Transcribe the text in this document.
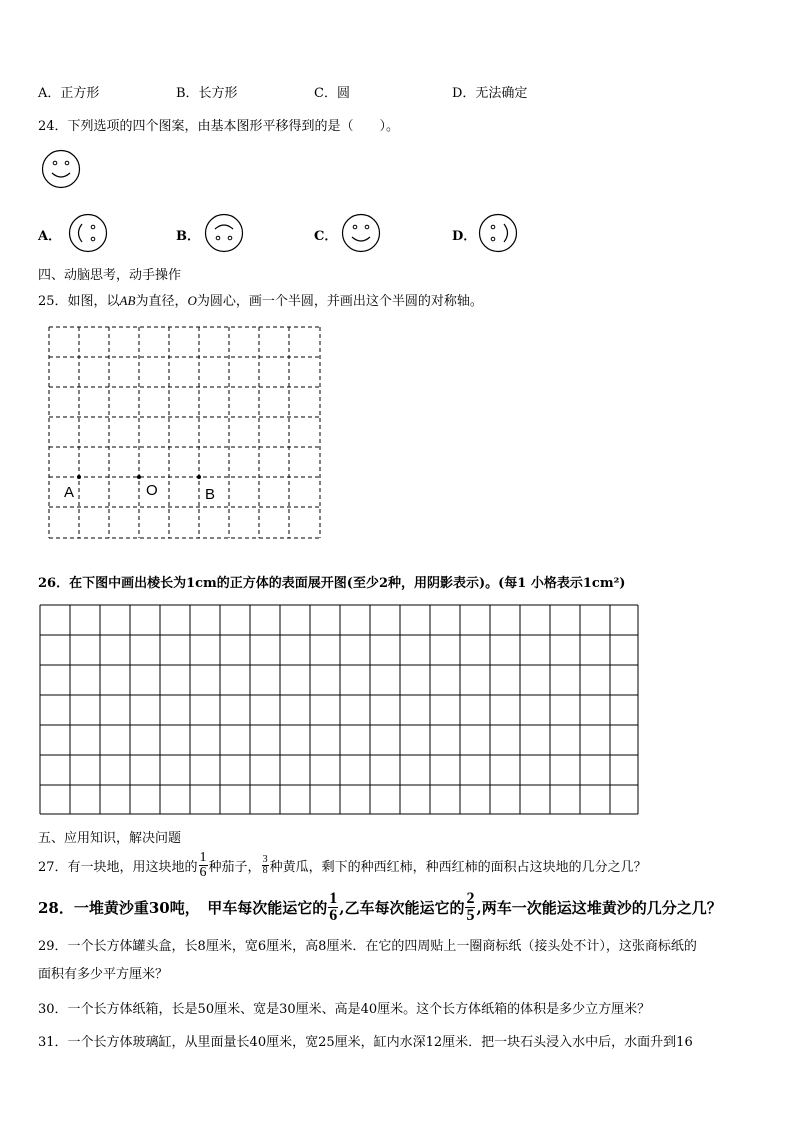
A．正方形	B．长方形	C．圆	D．无法确定
24．下列选项的四个图案，由基本图形平移得到的是（　　）。
A．	B．	C．	D．
四、动脑思考，动手操作
25．如图，以AB为直径，O为圆心，画一个半圆，并画出这个半圆的对称轴。
A	O	B
26．在下图中画出棱长为1cm的正方体的表面展开图(至少2种，用阴影表示)。(每1 小格表示1cm²)
五、应用知识，解决问题
27．有一块地，用这块地的 $\frac{1}{6}$ 种茄子， $\frac{3}{8}$ 种黄瓜，剩下的种西红柿，种西红柿的面积占这块地的几分之几？
28．一堆黄沙重30吨，　甲车每次能运它的 $\frac{1}{6}$ ,乙车每次能运它的 $\frac{2}{5}$ ,两车一次能运这堆黄沙的几分之几？
29．一个长方体罐头盒，长8厘米，宽6厘米，高8厘米．在它的四周贴上一圈商标纸（接头处不计），这张商标纸的
面积有多少平方厘米？
30．一个长方体纸箱，长是50厘米、宽是30厘米、高是40厘米。这个长方体纸箱的体积是多少立方厘米？
31．一个长方体玻璃缸，从里面量长40厘米，宽25厘米，缸内水深12厘米．把一块石头浸入水中后，水面升到16
